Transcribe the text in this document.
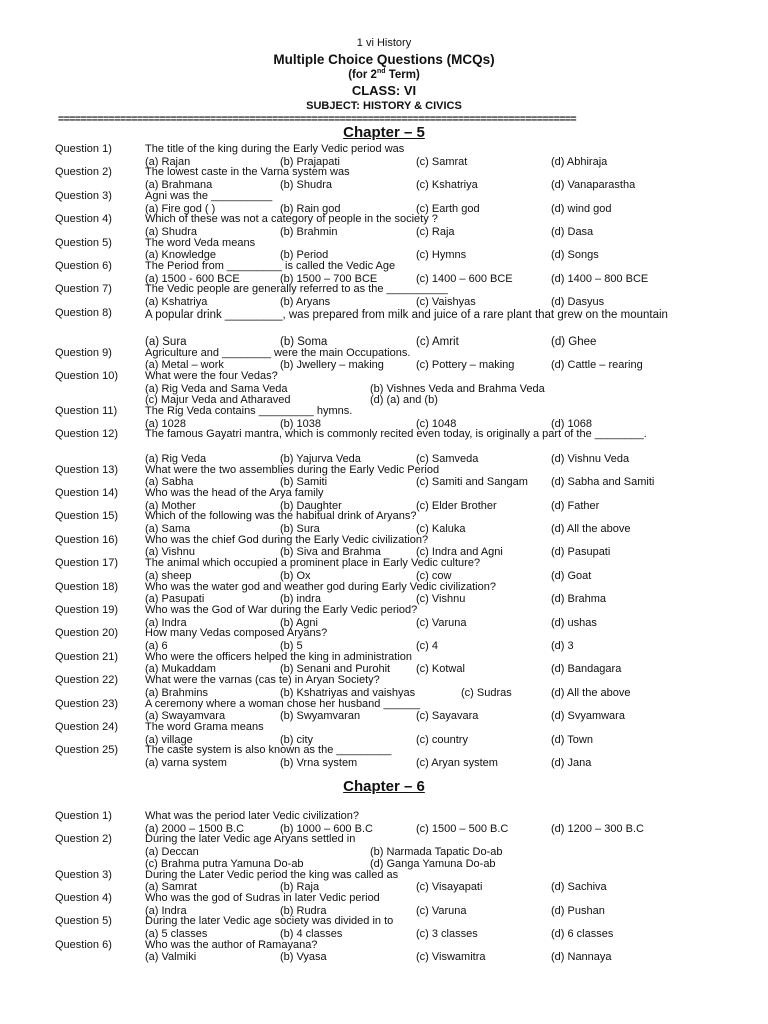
1 vi History
Multiple Choice Questions (MCQs)
(for 2nd Term)
CLASS: VI
SUBJECT: HISTORY & CIVICS
============================================================================================
Chapter – 5
Question 1)	The title of the king during the Early Vedic period was
(a) Rajan	(b) Prajapati	(c) Samrat	(d) Abhiraja
Question 2)	The lowest caste in the Varna system was
(a) Brahmana	(b) Shudra	(c) Kshatriya	(d) Vanaparastha
Question 3)	Agni was the __________
(a) Fire god ( )	(b) Rain god	(c) Earth god	(d) wind god
Question 4)	Which of these was not a category of people in the society ?
(a) Shudra	(b) Brahmin	(c) Raja	(d) Dasa
Question 5)	The word Veda means
(a) Knowledge	(b) Period	(c) Hymns	(d) Songs
Question 6)	The Period from _________ is called the Vedic Age
(a) 1500 - 600 BCE	(b) 1500 – 700 BCE	(c) 1400 – 600 BCE	(d) 1400 – 800 BCE
Question 7)	The Vedic people are generally referred to as the __________
(a) Kshatriya	(b) Aryans	(c) Vaishyas	(d) Dasyus
Question 8)	A popular drink _________, was prepared from milk and juice of a rare plant that grew on the mountain
(a) Sura	(b) Soma	(c) Amrit	(d) Ghee
Question 9)	Agriculture and ________ were the main Occupations.
(a) Metal – work	(b) Jwellery – making	(c) Pottery – making	(d) Cattle – rearing
Question 10) What were the four Vedas?
(a) Rig Veda and Sama Veda	(b) Vishnes Veda and Brahma Veda
(c) Majur Veda and Atharaved	(d) (a) and (b)
Question 11)	The Rig Veda contains _________ hymns.
(a) 1028	(b) 1038	(c) 1048	(d) 1068
Question 12) The famous Gayatri mantra, which is commonly recited even today, is originally a part of the ________.
(a) Rig Veda	(b) Yajurva Veda	(c) Samveda	(d) Vishnu Veda
Question 13) What were the two assemblies during the Early Vedic Period
(a) Sabha	(b) Samiti	(c) Samiti and Sangam (d) Sabha and Samiti
Question 14) Who was the head of the Arya family
(a) Mother	(b) Daughter	(c) Elder Brother	(d) Father
Question 15) Which of the following was the habitual drink of Aryans?
(a) Sama	(b) Sura	(c) Kaluka	(d) All the above
Question 16) Who was the chief God during the Early Vedic civilization?
(a) Vishnu	(b) Siva and Brahma	(c) Indra and Agni	(d) Pasupati
Question 17) The animal which occupied a prominent place in Early Vedic culture?
(a) sheep	(b) Ox	(c) cow	(d) Goat
Question 18) Who was the water god and weather god during Early Vedic civilization?
(a) Pasupati	(b) indra	(c) Vishnu	(d) Brahma
Question 19) Who was the God of War during the Early Vedic period?
(a) Indra	(b) Agni	(c) Varuna	(d) ushas
Question 20) How many Vedas composed Aryans?
(a) 6	(b) 5	(c) 4	(d) 3
Question 21) Who were the officers helped the king in administration
(a) Mukaddam	(b) Senani and Purohit (c) Kotwal	(d) Bandagara
Question 22) What were the varnas (cas te) in Aryan Society?
(a) Brahmins	(b) Kshatriyas and vaishyas	(c) Sudras	(d) All the above
Question 23) A ceremony where a woman chose her husband ______
(a) Swayamvara	(b) Swyamvaran	(c) Sayavara	(d) Svyamwara
Question 24) The word Grama means
(a) village	(b) city	(c) country	(d) Town
Question 25) The caste system is also known as the _________
(a) varna system	(b) Vrna system	(c) Aryan system	(d) Jana
Chapter – 6
Question 1)	What was the period later Vedic civilization?
(a) 2000 – 1500 B.C	(b) 1000 – 600 B.C	(c) 1500 – 500 B.C	(d) 1200 – 300 B.C
Question 2)	During the later Vedic age Aryans settled in
(a) Deccan	(b) Narmada Tapatic Do-ab
(c) Brahma putra Yamuna Do-ab	(d) Ganga Yamuna Do-ab
Question 3)	During the Later Vedic period the king was called as
(a) Samrat	(b) Raja	(c) Visayapati	(d) Sachiva
Question 4)	Who was the god of Sudras in later Vedic period
(a) Indra	(b) Rudra	(c) Varuna	(d) Pushan
Question 5)	During the later Vedic age society was divided in to
(a) 5 classes	(b) 4 classes	(c) 3 classes	(d) 6 classes
Question 6)	Who was the author of Ramayana?
(a) Valmiki	(b) Vyasa	(c) Viswamitra	(d) Nannaya
